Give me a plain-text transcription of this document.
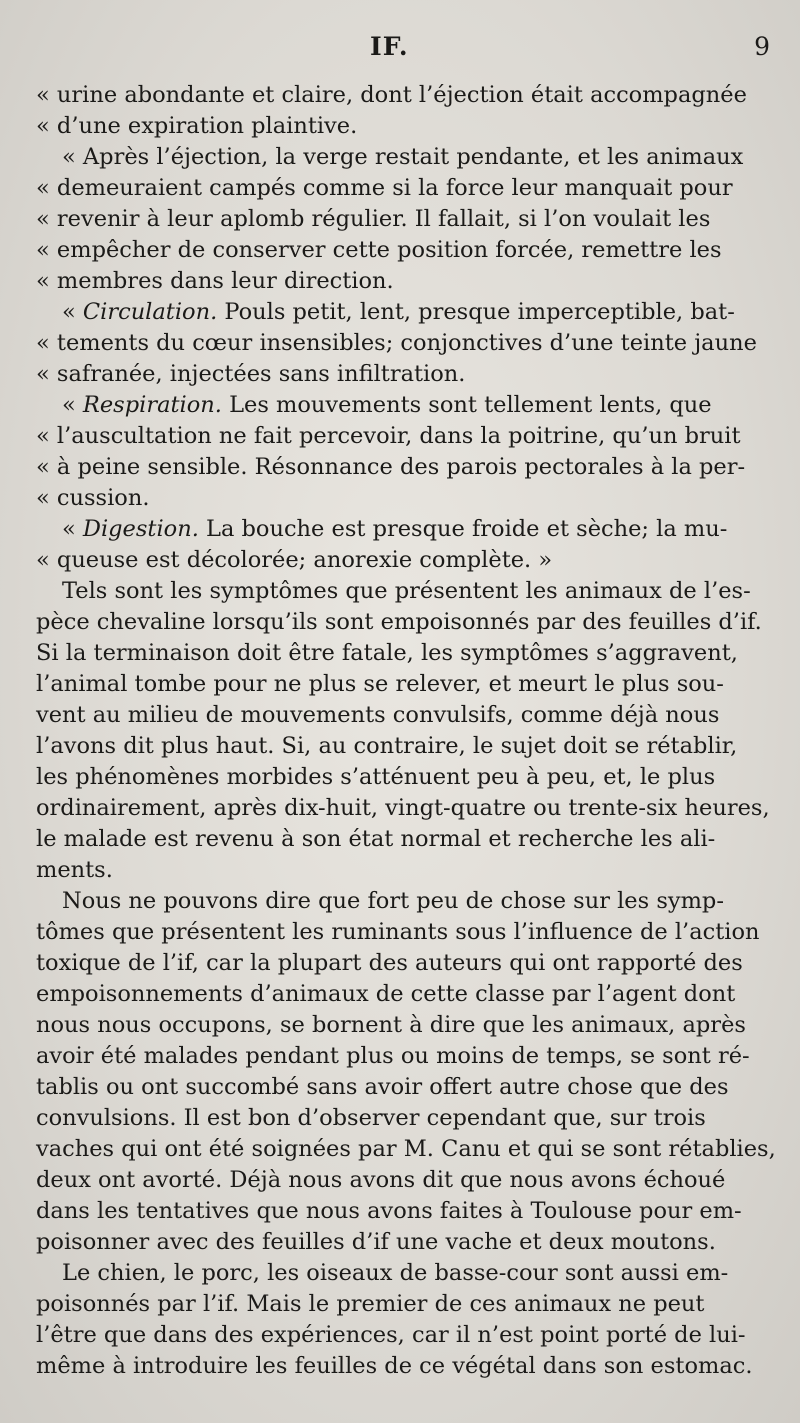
IF.	9
« urine abondante et claire, dont l’éjection était accompagnée
« d’une expiration plaintive.
« Après l’éjection, la verge restait pendante, et les animaux
« demeuraient campés comme si la force leur manquait pour
« revenir à leur aplomb régulier. Il fallait, si l’on voulait les
« empêcher de conserver cette position forcée, remettre les
« membres dans leur direction.
« Circulation. Pouls petit, lent, presque imperceptible, bat-
« tements du cœur insensibles; conjonctives d’une teinte jaune
« safranée, injectées sans infiltration.
« Respiration. Les mouvements sont tellement lents, que
« l’auscultation ne fait percevoir, dans la poitrine, qu’un bruit
« à peine sensible. Résonnance des parois pectorales à la per-
« cussion.
« Digestion. La bouche est presque froide et sèche; la mu-
« queuse est décolorée; anorexie complète. »
Tels sont les symptômes que présentent les animaux de l’es-
pèce chevaline lorsqu’ils sont empoisonnés par des feuilles d’if.
Si la terminaison doit être fatale, les symptômes s’aggravent,
l’animal tombe pour ne plus se relever, et meurt le plus sou-
vent au milieu de mouvements convulsifs, comme déjà nous
l’avons dit plus haut. Si, au contraire, le sujet doit se rétablir,
les phénomènes morbides s’atténuent peu à peu, et, le plus
ordinairement, après dix-huit, vingt-quatre ou trente-six heures,
le malade est revenu à son état normal et recherche les ali-
ments.
Nous ne pouvons dire que fort peu de chose sur les symp-
tômes que présentent les ruminants sous l’influence de l’action
toxique de l’if, car la plupart des auteurs qui ont rapporté des
empoisonnements d’animaux de cette classe par l’agent dont
nous nous occupons, se bornent à dire que les animaux, après
avoir été malades pendant plus ou moins de temps, se sont ré-
tablis ou ont succombé sans avoir offert autre chose que des
convulsions. Il est bon d’observer cependant que, sur trois
vaches qui ont été soignées par M. Canu et qui se sont rétablies,
deux ont avorté. Déjà nous avons dit que nous avons échoué
dans les tentatives que nous avons faites à Toulouse pour em-
poisonner avec des feuilles d’if une vache et deux moutons.
Le chien, le porc, les oiseaux de basse-cour sont aussi em-
poisonnés par l’if. Mais le premier de ces animaux ne peut
l’être que dans des expériences, car il n’est point porté de lui-
même à introduire les feuilles de ce végétal dans son estomac.
